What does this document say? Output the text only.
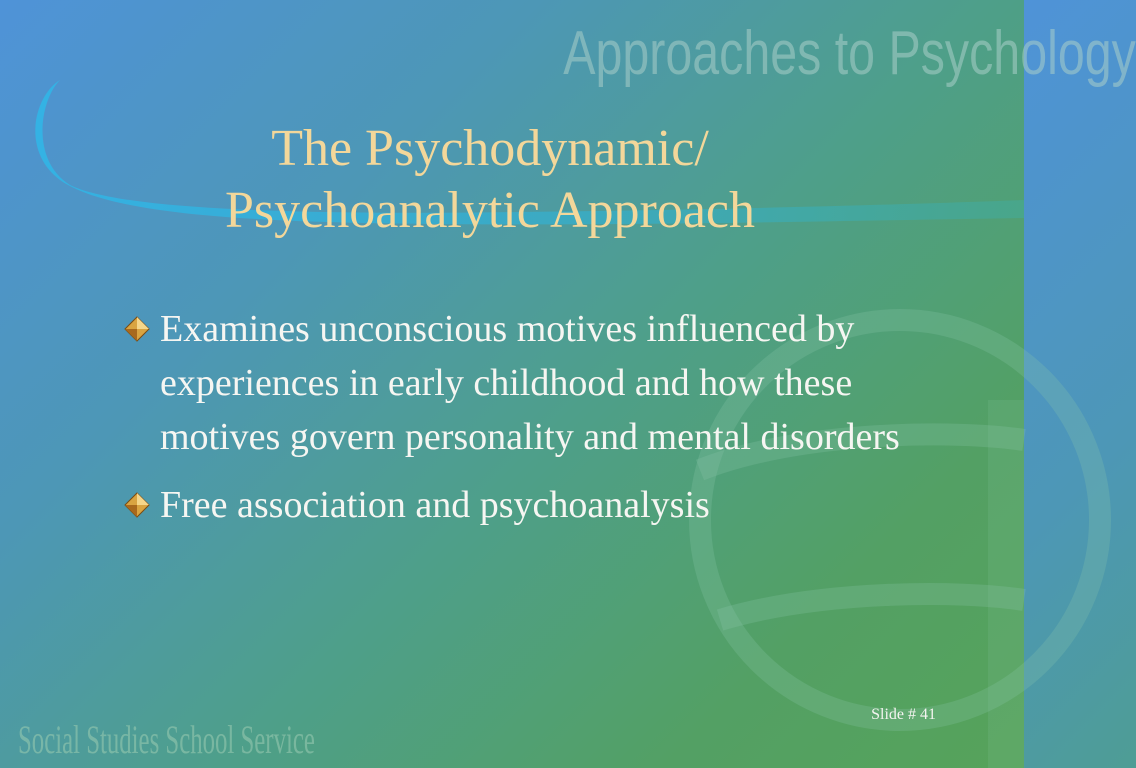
Approaches to Psychology
The Psychodynamic/
Psychoanalytic Approach
Examines unconscious motives influenced by experiences in early childhood and how these motives govern personality and mental disorders
Free association and psychoanalysis
Social Studies School Service
Slide # 41
